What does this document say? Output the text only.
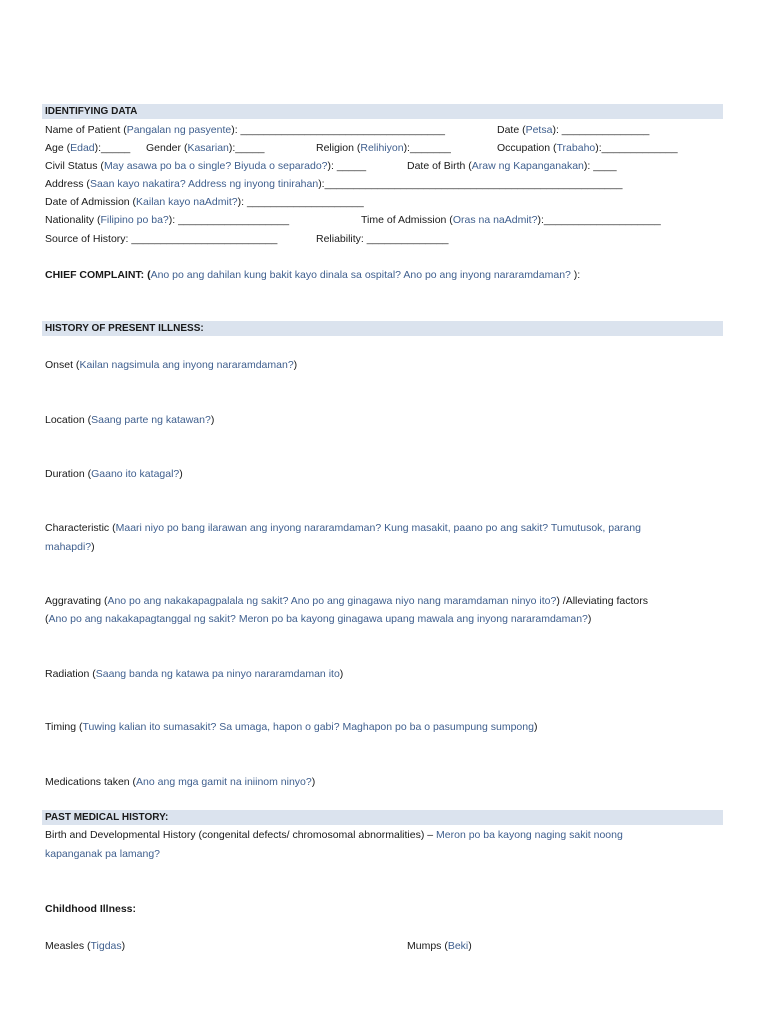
IDENTIFYING DATA
Name of Patient (Pangalan ng pasyente): ___________________________________	Date (Petsa): _______________
Age (Edad):_____ Gender (Kasarian):_____	Religion (Relihiyon):_______	Occupation (Trabaho):_____________
Civil Status (May asawa po ba o single? Biyuda o separado?): _____	Date of Birth (Araw ng Kapanganakan): ____
Address (Saan kayo nakatira? Address ng inyong tinirahan):___________________________________________________
Date of Admission (Kailan kayo naAdmit?): ____________________
Nationality (Filipino po ba?): ___________________	Time of Admission (Oras na naAdmit?):____________________
Source of History: _________________________	Reliability: ______________
CHIEF COMPLAINT: (Ano po ang dahilan kung bakit kayo dinala sa ospital? Ano po ang inyong nararamdaman? ):
HISTORY OF PRESENT ILLNESS:
Onset (Kailan nagsimula ang inyong nararamdaman?)
Location (Saang parte ng katawan?)
Duration (Gaano ito katagal?)
Characteristic (Maari niyo po bang ilarawan ang inyong nararamdaman? Kung masakit, paano po ang sakit? Tumutusok, parang
mahapdi?)
Aggravating (Ano po ang nakakapagpalala ng sakit? Ano po ang ginagawa niyo nang maramdaman ninyo ito?) /Alleviating factors
(Ano po ang nakakapagtanggal ng sakit? Meron po ba kayong ginagawa upang mawala ang inyong nararamdaman?)
Radiation (Saang banda ng katawa pa ninyo nararamdaman ito)
Timing (Tuwing kalian ito sumasakit? Sa umaga, hapon o gabi? Maghapon po ba o pasumpung sumpong)
Medications taken (Ano ang mga gamit na iniinom ninyo?)
PAST MEDICAL HISTORY:
Birth and Developmental History (congenital defects/ chromosomal abnormalities) – Meron po ba kayong naging sakit noong
kapanganak pa lamang?
Childhood Illness:
Measles (Tigdas)	Mumps (Beki)
